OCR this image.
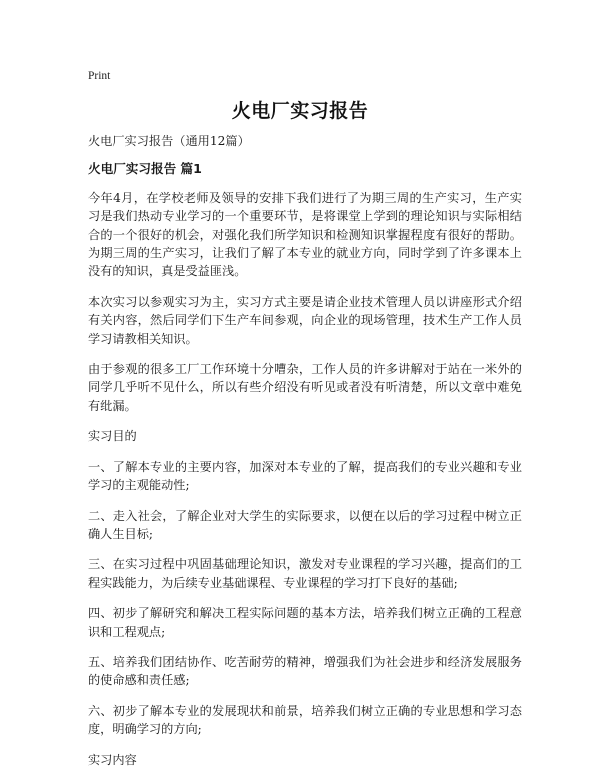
Print
火电厂实习报告

火电厂实习报告（通用12篇）

火电厂实习报告 篇1

今年4月，在学校老师及领导的安排下我们进行了为期三周的生产实习，生产实习是我们热动专业学习的一个重要环节，是将课堂上学到的理论知识与实际相结合的一个很好的机会，对强化我们所学知识和检测知识掌握程度有很好的帮助。为期三周的生产实习，让我们了解了本专业的就业方向，同时学到了许多课本上没有的知识，真是受益匪浅。

本次实习以参观实习为主，实习方式主要是请企业技术管理人员以讲座形式介绍有关内容，然后同学们下生产车间参观，向企业的现场管理，技术生产工作人员学习请教相关知识。

由于参观的很多工厂工作环境十分嘈杂，工作人员的许多讲解对于站在一米外的同学几乎听不见什么，所以有些介绍没有听见或者没有听清楚，所以文章中难免有纰漏。

实习目的

一、了解本专业的主要内容，加深对本专业的了解，提高我们的专业兴趣和专业学习的主观能动性;

二、走入社会，了解企业对大学生的实际要求，以便在以后的学习过程中树立正确人生目标;

三、在实习过程中巩固基础理论知识，激发对专业课程的学习兴趣，提高们的工程实践能力，为后续专业基础课程、专业课程的学习打下良好的基础;

四、初步了解研究和解决工程实际问题的基本方法，培养我们树立正确的工程意识和工程观点;

五、培养我们团结协作、吃苦耐劳的精神，增强我们为社会进步和经济发展服务的使命感和责任感;

六、初步了解本专业的发展现状和前景，培养我们树立正确的专业思想和学习态度，明确学习的方向;

实习内容
